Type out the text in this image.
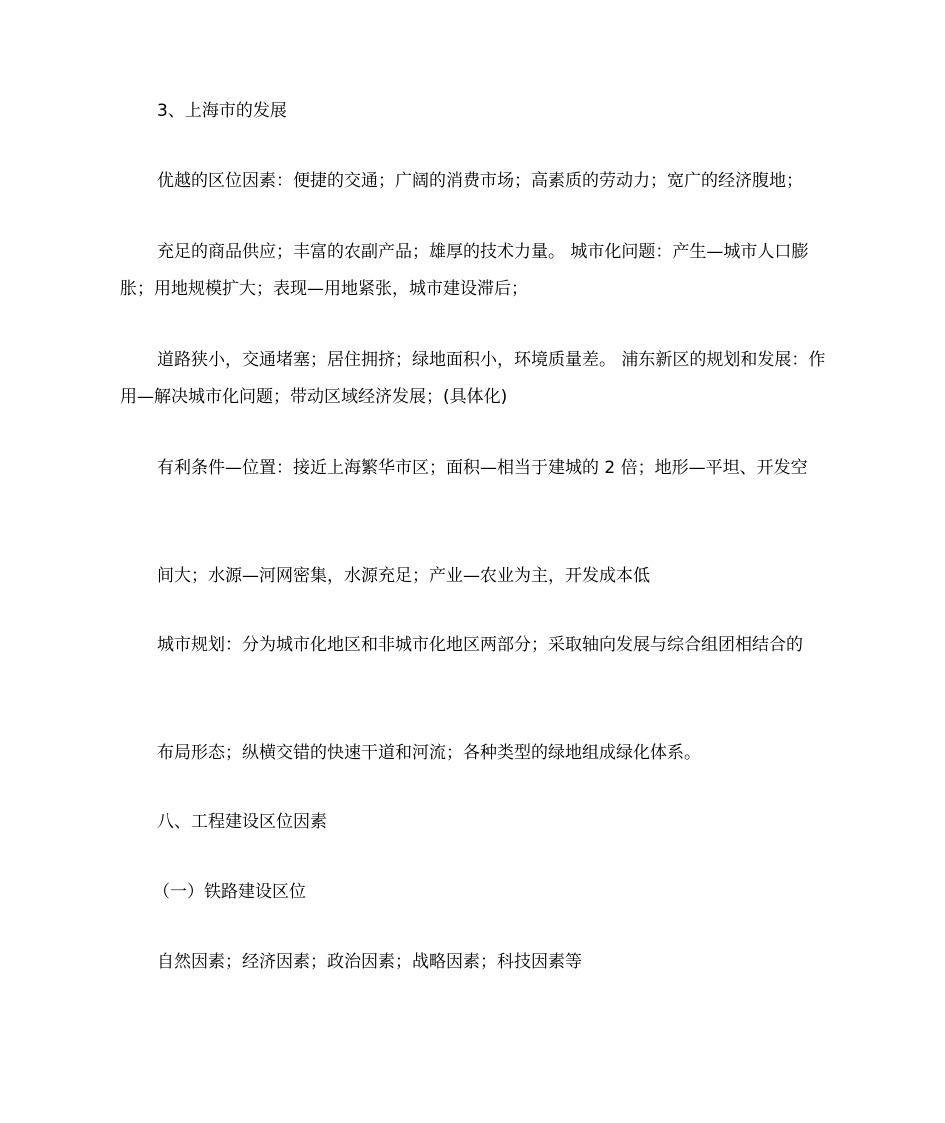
3、上海市的发展

优越的区位因素：便捷的交通；广阔的消费市场；高素质的劳动力；宽广的经济腹地；

充足的商品供应；丰富的农副产品；雄厚的技术力量。 城市化问题：产生—城市人口膨胀；用地规模扩大；表现—用地紧张，城市建设滞后；

道路狭小，交通堵塞；居住拥挤；绿地面积小，环境质量差。 浦东新区的规划和发展：作用—解决城市化问题；带动区域经济发展；(具体化)

有利条件—位置：接近上海繁华市区；面积—相当于建城的 2 倍；地形—平坦、开发空

间大；水源—河网密集，水源充足；产业—农业为主，开发成本低

城市规划：分为城市化地区和非城市化地区两部分；采取轴向发展与综合组团相结合的

布局形态；纵横交错的快速干道和河流；各种类型的绿地组成绿化体系。

八、工程建设区位因素

（一）铁路建设区位

自然因素；经济因素；政治因素；战略因素；科技因素等
